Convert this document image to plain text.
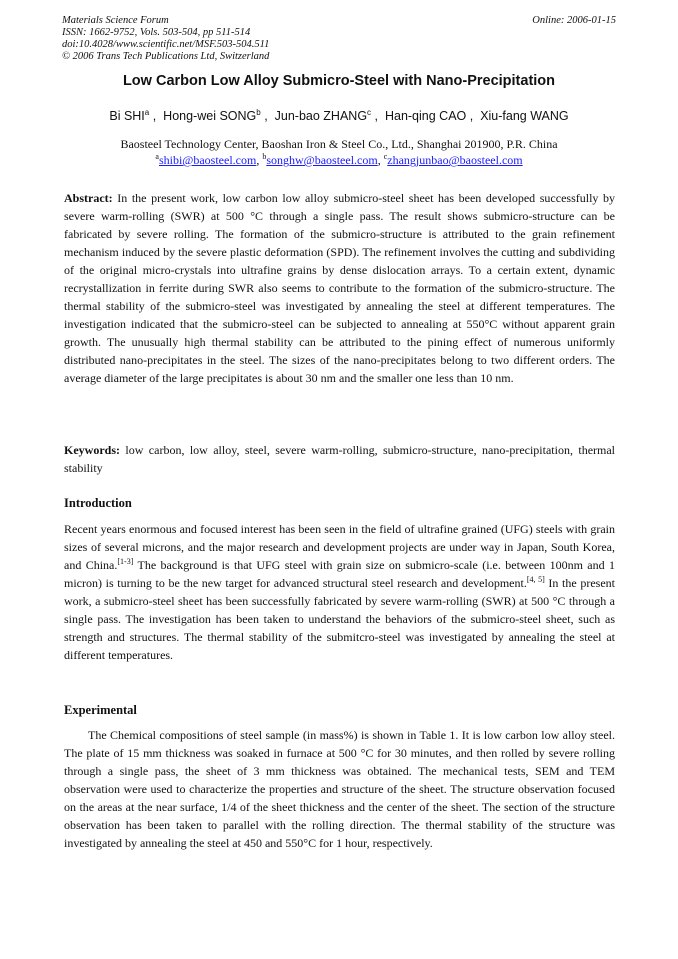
Materials Science Forum
ISSN: 1662-9752, Vols. 503-504, pp 511-514
doi:10.4028/www.scientific.net/MSF.503-504.511
© 2006 Trans Tech Publications Ltd, Switzerland
Online: 2006-01-15
Low Carbon Low Alloy Submicro-Steel with Nano-Precipitation
Bi SHI$^a$ ,  Hong-wei SONG$^b$ ,  Jun-bao ZHANG$^c$ ,  Han-qing CAO ,  Xiu-fang WANG
Baosteel Technology Center, Baoshan Iron & Steel Co., Ltd., Shanghai 201900, P.R. China
$^a$shibi@baosteel.com, $^b$songhw@baosteel.com, $^c$zhangjunbao@baosteel.com
Abstract: In the present work, low carbon low alloy submicro-steel sheet has been developed successfully by severe warm-rolling (SWR) at 500 °C through a single pass. The result shows submicro-structure can be fabricated by severe rolling. The formation of the submicro-structure is attributed to the grain refinement mechanism induced by the severe plastic deformation (SPD). The refinement involves the cutting and subdividing of the original micro-crystals into ultrafine grains by dense dislocation arrays. To a certain extent, dynamic recrystallization in ferrite during SWR also seems to contribute to the formation of the submicro-structure. The thermal stability of the submicro-steel was investigated by annealing the steel at different temperatures. The investigation indicated that the submicro-steel can be subjected to annealing at 550°C without apparent grain growth. The unusually high thermal stability can be attributed to the pining effect of numerous uniformly distributed nano-precipitates in the steel. The sizes of the nano-precipitates belong to two different orders. The average diameter of the large precipitates is about 30 nm and the smaller one less than 10 nm.
Keywords: low carbon, low alloy, steel, severe warm-rolling, submicro-structure, nano-precipitation, thermal stability
Introduction
Recent years enormous and focused interest has been seen in the field of ultrafine grained (UFG) steels with grain sizes of several microns, and the major research and development projects are under way in Japan, South Korea, and China.[1-3] The background is that UFG steel with grain size on submicro-scale (i.e. between 100nm and 1 micron) is turning to be the new target for advanced structural steel research and development.[4, 5] In the present work, a submicro-steel sheet has been successfully fabricated by severe warm-rolling (SWR) at 500 °C through a single pass. The investigation has been taken to understand the behaviors of the submicro-steel sheet, such as strength and structures. The thermal stability of the submitcro-steel was investigated by annealing the steel at different temperatures.
Experimental
The Chemical compositions of steel sample (in mass%) is shown in Table 1. It is low carbon low alloy steel. The plate of 15 mm thickness was soaked in furnace at 500 °C for 30 minutes, and then rolled by severe rolling through a single pass, the sheet of 3 mm thickness was obtained. The mechanical tests, SEM and TEM observation were used to characterize the properties and structure of the sheet. The structure observation focused on the areas at the near surface, 1/4 of the sheet thickness and the center of the sheet. The section of the structure observation has been taken to parallel with the rolling direction. The thermal stability of the structure was investigated by annealing the steel at 450 and 550°C for 1 hour, respectively.
